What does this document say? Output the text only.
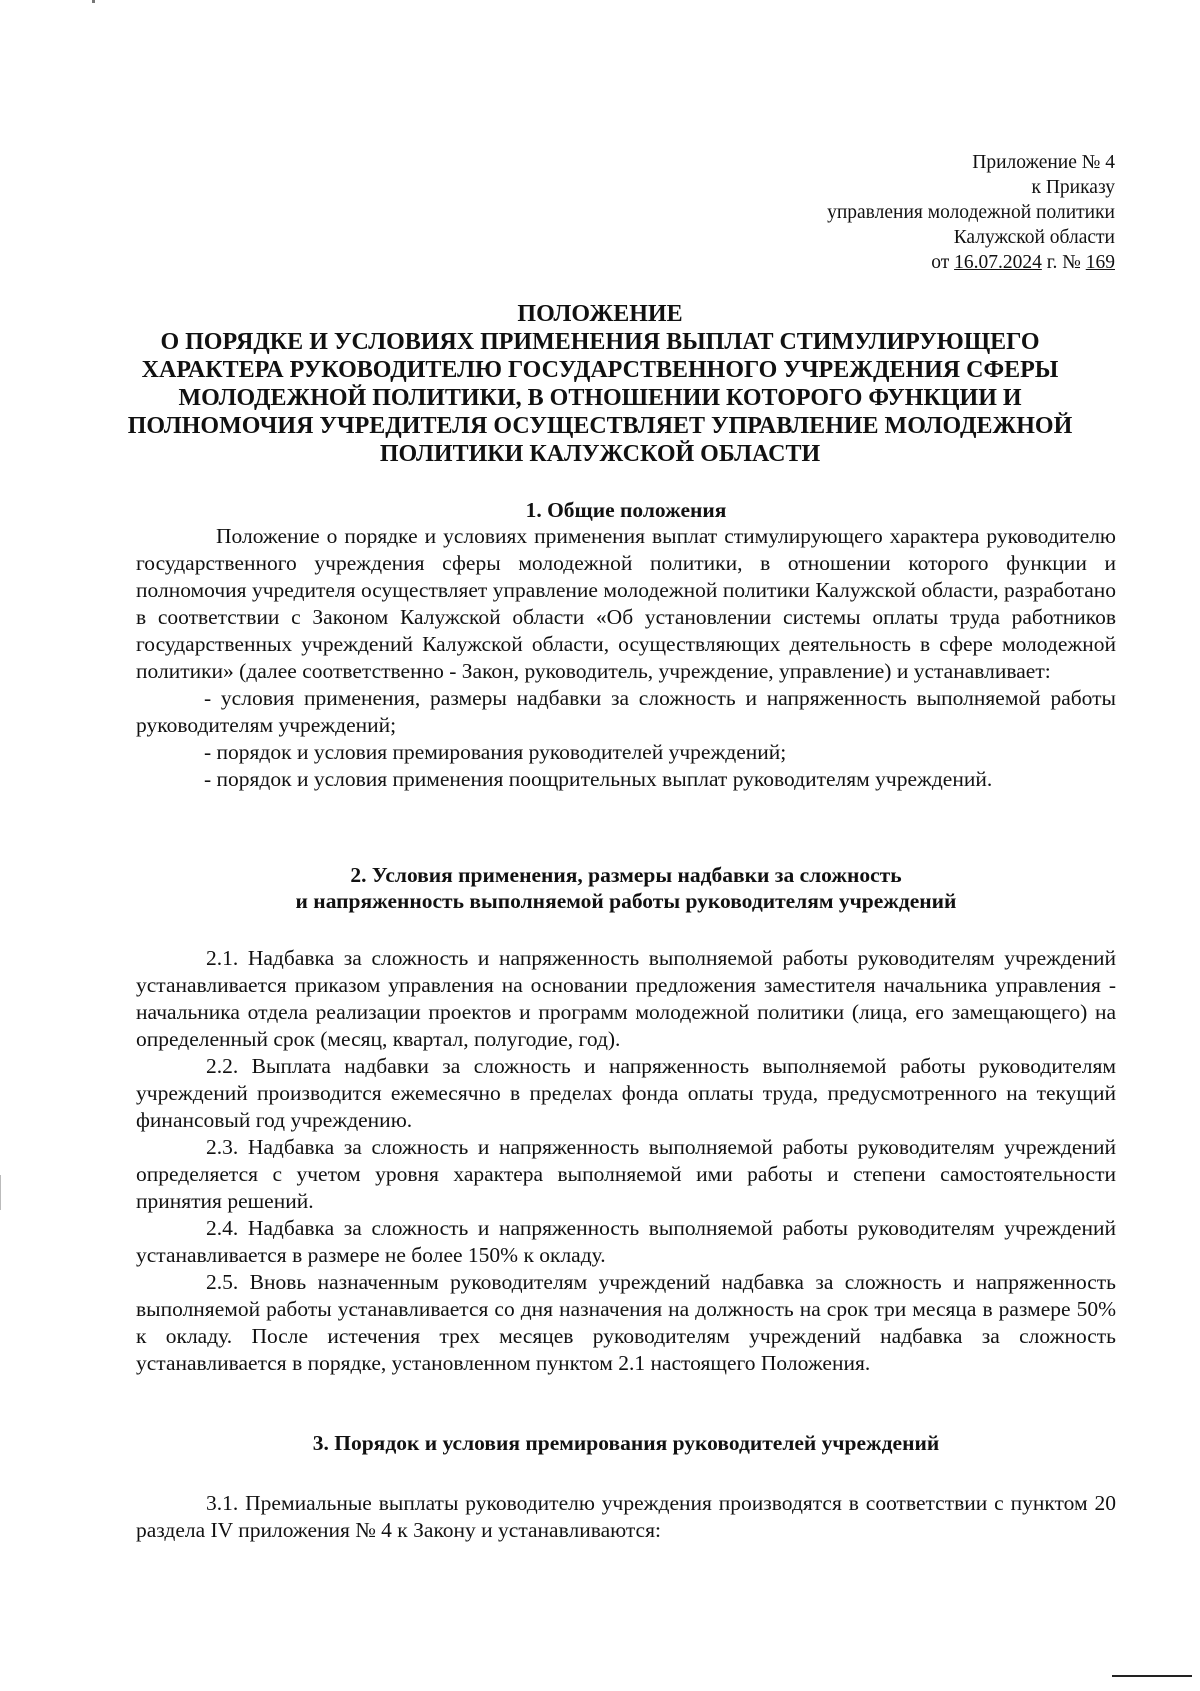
Приложение № 4
к Приказу
управления молодежной политики
Калужской области
от 16.07.2024 г. № 169
ПОЛОЖЕНИЕ
О ПОРЯДКЕ И УСЛОВИЯХ ПРИМЕНЕНИЯ ВЫПЛАТ СТИМУЛИРУЮЩЕГО
ХАРАКТЕРА РУКОВОДИТЕЛЮ ГОСУДАРСТВЕННОГО УЧРЕЖДЕНИЯ СФЕРЫ
МОЛОДЕЖНОЙ ПОЛИТИКИ, В ОТНОШЕНИИ КОТОРОГО ФУНКЦИИ И
ПОЛНОМОЧИЯ УЧРЕДИТЕЛЯ ОСУЩЕСТВЛЯЕТ УПРАВЛЕНИЕ МОЛОДЕЖНОЙ
ПОЛИТИКИ КАЛУЖСКОЙ ОБЛАСТИ
1. Общие положения

Положение о порядке и условиях применения выплат стимулирующего характера руководителю государственного учреждения сферы молодежной политики, в отношении которого функции и полномочия учредителя осуществляет управление молодежной политики Калужской области, разработано в соответствии с Законом Калужской области «Об установлении системы оплаты труда работников государственных учреждений Калужской области, осуществляющих деятельность в сфере молодежной политики» (далее соответственно - Закон, руководитель, учреждение, управление) и устанавливает:

- условия применения, размеры надбавки за сложность и напряженность выполняемой работы руководителям учреждений;

- порядок и условия премирования руководителей учреждений;

- порядок и условия применения поощрительных выплат руководителям учреждений.

2. Условия применения, размеры надбавки за сложность
и напряженность выполняемой работы руководителям учреждений

2.1. Надбавка за сложность и напряженность выполняемой работы руководителям учреждений устанавливается приказом управления на основании предложения заместителя начальника управления - начальника отдела реализации проектов и программ молодежной политики (лица, его замещающего) на определенный срок (месяц, квартал, полугодие, год).

2.2. Выплата надбавки за сложность и напряженность выполняемой работы руководителям учреждений производится ежемесячно в пределах фонда оплаты труда, предусмотренного на текущий финансовый год учреждению.

2.3. Надбавка за сложность и напряженность выполняемой работы руководителям учреждений определяется с учетом уровня характера выполняемой ими работы и степени самостоятельности принятия решений.

2.4. Надбавка за сложность и напряженность выполняемой работы руководителям учреждений устанавливается в размере не более 150% к окладу.

2.5. Вновь назначенным руководителям учреждений надбавка за сложность и напряженность выполняемой работы устанавливается со дня назначения на должность на срок три месяца в размере 50% к окладу. После истечения трех месяцев руководителям учреждений надбавка за сложность устанавливается в порядке, установленном пунктом 2.1 настоящего Положения.

3. Порядок и условия премирования руководителей учреждений

3.1. Премиальные выплаты руководителю учреждения производятся в соответствии с пунктом 20 раздела IV приложения № 4 к Закону и устанавливаются:
